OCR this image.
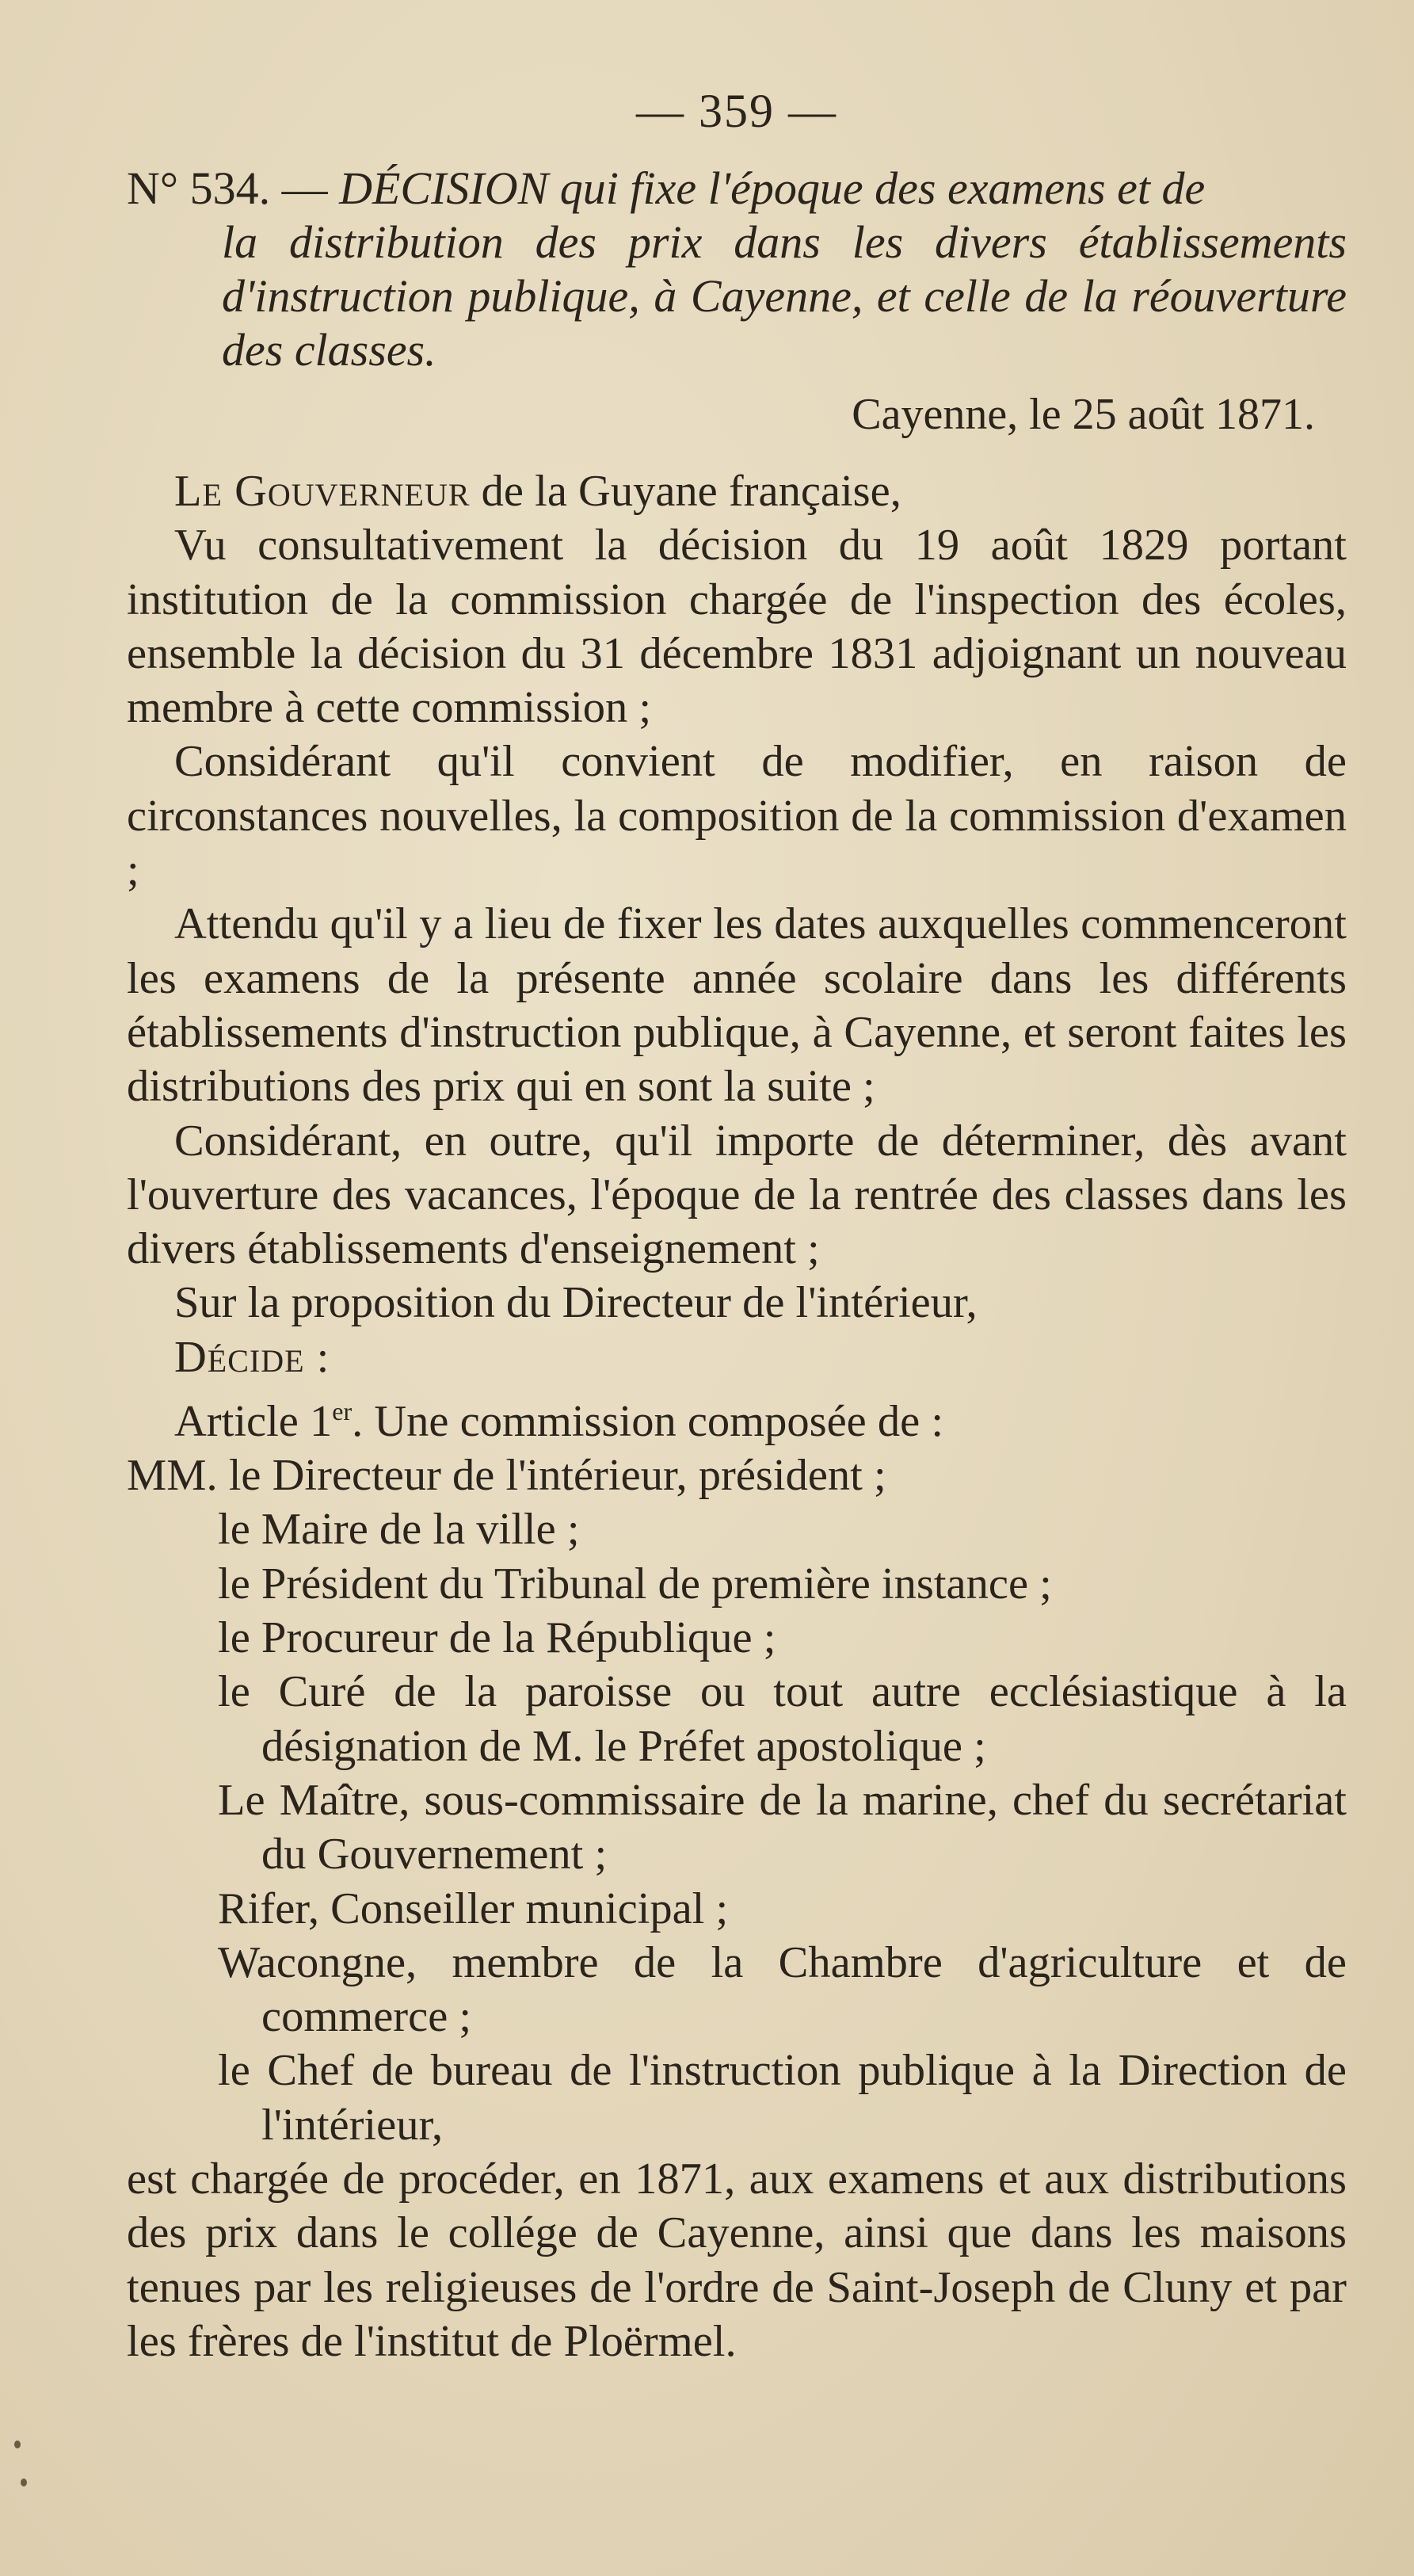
— 359 —

N° 534. — DÉCISION qui fixe l'époque des examens et de
la distribution des prix dans les divers établissements d'instruction publique, à Cayenne, et celle de la réouverture des classes.

Cayenne, le 25 août 1871.

Le Gouverneur de la Guyane française,

Vu consultativement la décision du 19 août 1829 portant institution de la commission chargée de l'inspection des écoles, ensemble la décision du 31 décembre 1831 adjoignant un nouveau membre à cette commission ;

Considérant qu'il convient de modifier, en raison de circonstances nouvelles, la composition de la commission d'examen ;

Attendu qu'il y a lieu de fixer les dates auxquelles commenceront les examens de la présente année scolaire dans les différents établissements d'instruction publique, à Cayenne, et seront faites les distributions des prix qui en sont la suite ;

Considérant, en outre, qu'il importe de déterminer, dès avant l'ouverture des vacances, l'époque de la rentrée des classes dans les divers établissements d'enseignement ;

Sur la proposition du Directeur de l'intérieur,

Décide :

Article 1er. Une commission composée de :

MM. le Directeur de l'intérieur, président ;
le Maire de la ville ;
le Président du Tribunal de première instance ;
le Procureur de la République ;
le Curé de la paroisse ou tout autre ecclésiastique à la désignation de M. le Préfet apostolique ;
Le Maître, sous-commissaire de la marine, chef du secrétariat du Gouvernement ;
Rifer, Conseiller municipal ;
Wacongne, membre de la Chambre d'agriculture et de commerce ;
le Chef de bureau de l'instruction publique à la Direction de l'intérieur,

est chargée de procéder, en 1871, aux examens et aux distributions des prix dans le collége de Cayenne, ainsi que dans les maisons tenues par les religieuses de l'ordre de Saint-Joseph de Cluny et par les frères de l'institut de Ploërmel.
